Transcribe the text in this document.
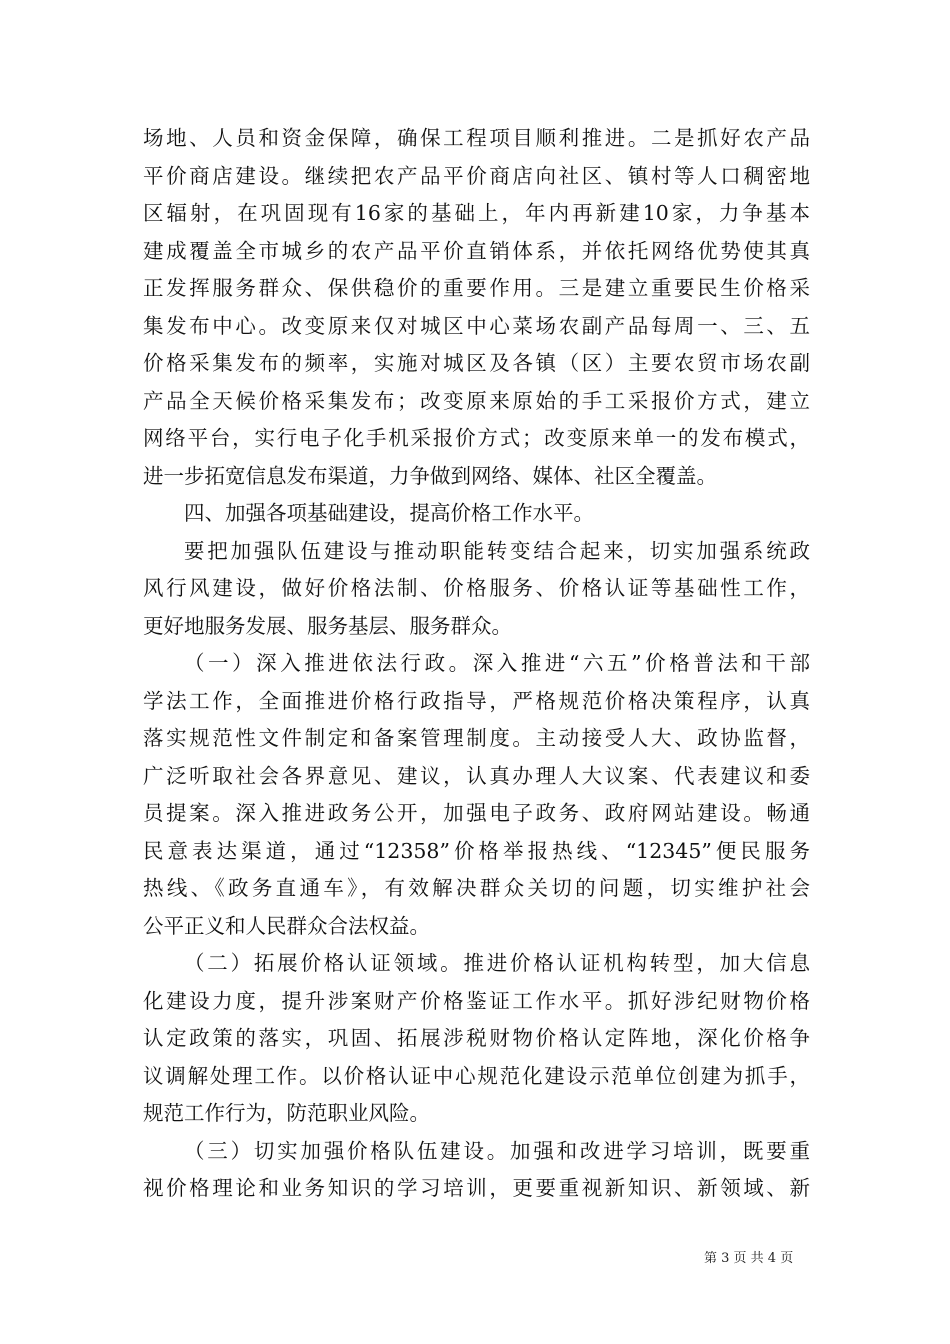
场地、人员和资金保障，确保工程项目顺利推进。二是抓好农产品
平价商店建设。继续把农产品平价商店向社区、镇村等人口稠密地
区辐射，在巩固现有16家的基础上，年内再新建10家，力争基本
建成覆盖全市城乡的农产品平价直销体系，并依托网络优势使其真
正发挥服务群众、保供稳价的重要作用。三是建立重要民生价格采
集发布中心。改变原来仅对城区中心菜场农副产品每周一、三、五
价格采集发布的频率，实施对城区及各镇（区）主要农贸市场农副
产品全天候价格采集发布；改变原来原始的手工采报价方式，建立
网络平台，实行电子化手机采报价方式；改变原来单一的发布模式，
进一步拓宽信息发布渠道，力争做到网络、媒体、社区全覆盖。
四、加强各项基础建设，提高价格工作水平。
要把加强队伍建设与推动职能转变结合起来，切实加强系统政
风行风建设，做好价格法制、价格服务、价格认证等基础性工作，
更好地服务发展、服务基层、服务群众。
（一）深入推进依法行政。深入推进“六五”价格普法和干部
学法工作，全面推进价格行政指导，严格规范价格决策程序，认真
落实规范性文件制定和备案管理制度。主动接受人大、政协监督，
广泛听取社会各界意见、建议，认真办理人大议案、代表建议和委
员提案。深入推进政务公开，加强电子政务、政府网站建设。畅通
民意表达渠道，通过“12358”价格举报热线、“12345”便民服务
热线、《政务直通车》，有效解决群众关切的问题，切实维护社会
公平正义和人民群众合法权益。
（二）拓展价格认证领域。推进价格认证机构转型，加大信息
化建设力度，提升涉案财产价格鉴证工作水平。抓好涉纪财物价格
认定政策的落实，巩固、拓展涉税财物价格认定阵地，深化价格争
议调解处理工作。以价格认证中心规范化建设示范单位创建为抓手，
规范工作行为，防范职业风险。
（三）切实加强价格队伍建设。加强和改进学习培训，既要重
视价格理论和业务知识的学习培训，更要重视新知识、新领域、新
第 3 页 共 4 页
